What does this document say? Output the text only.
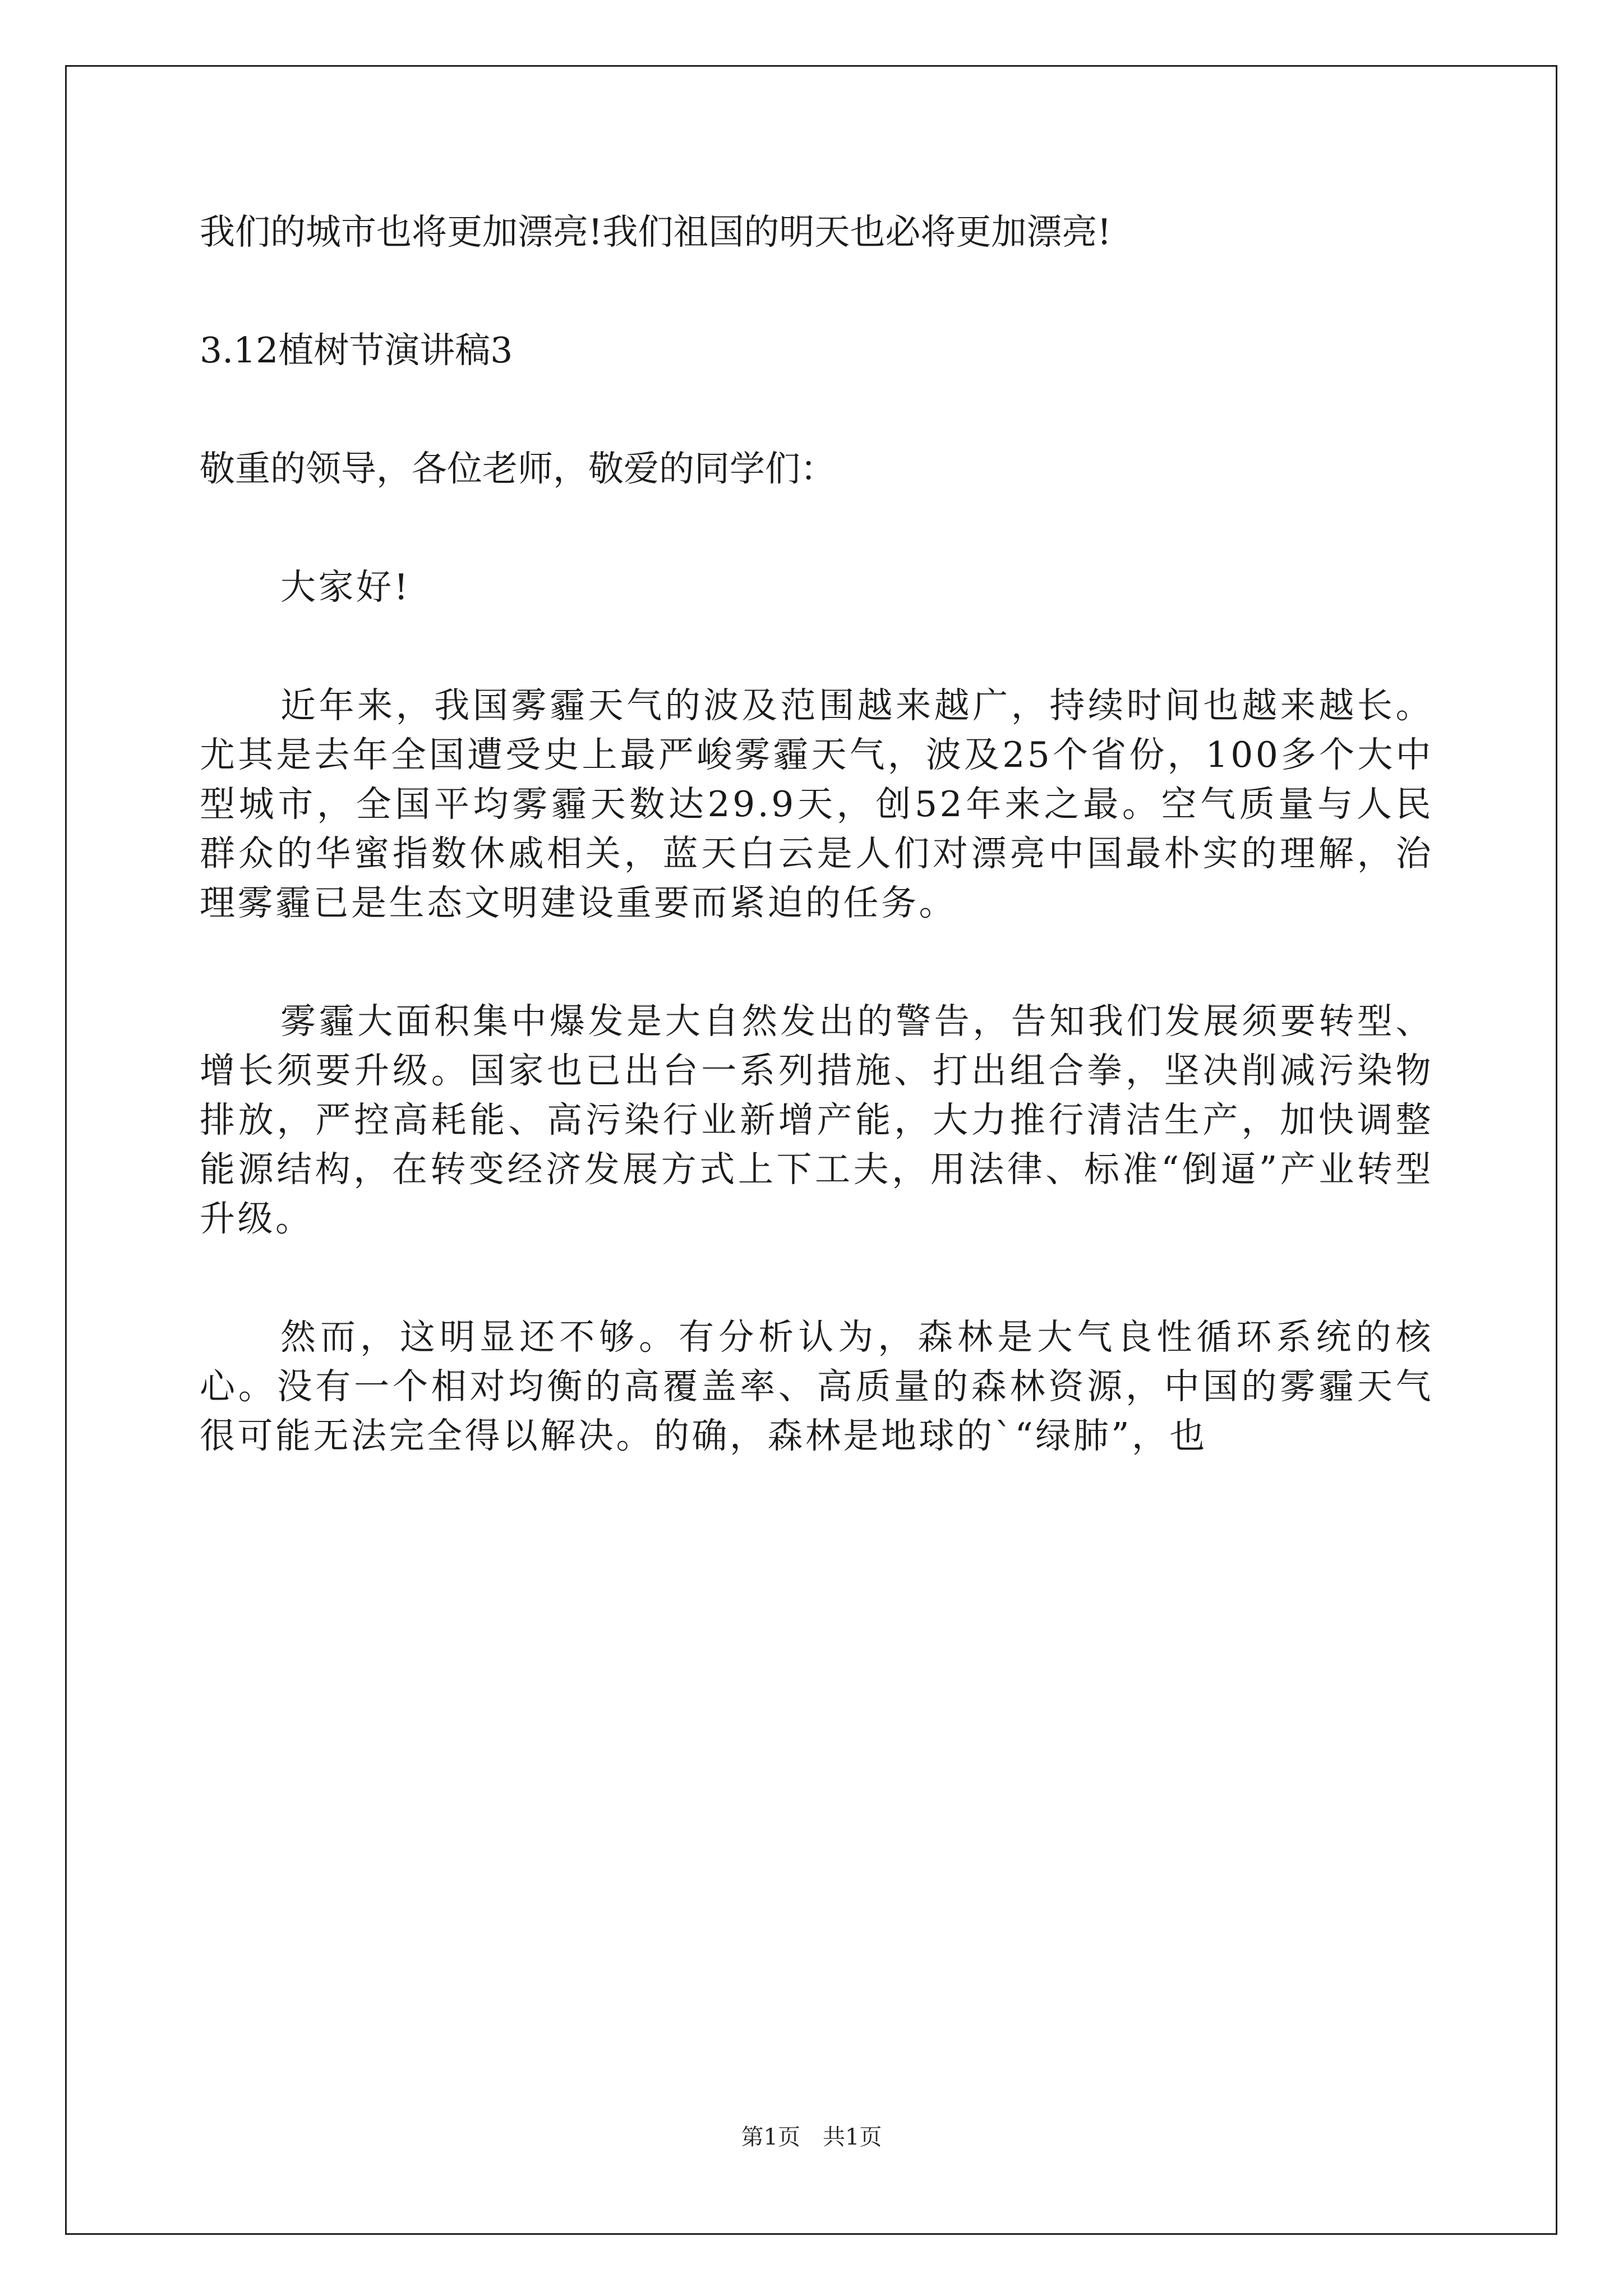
我们的城市也将更加漂亮!我们祖国的明天也必将更加漂亮!

3.12植树节演讲稿3

敬重的领导，各位老师，敬爱的同学们：

大家好!

近年来，我国雾霾天气的波及范围越来越广，持续时间也越来越长。尤其是去年全国遭受史上最严峻雾霾天气，波及25个省份，100多个大中型城市，全国平均雾霾天数达29.9天，创52年来之最。空气质量与人民群众的华蜜指数休戚相关，蓝天白云是人们对漂亮中国最朴实的理解，治理雾霾已是生态文明建设重要而紧迫的任务。

雾霾大面积集中爆发是大自然发出的警告，告知我们发展须要转型、增长须要升级。国家也已出台一系列措施、打出组合拳，坚决削减污染物排放，严控高耗能、高污染行业新增产能，大力推行清洁生产，加快调整能源结构，在转变经济发展方式上下工夫，用法律、标准“倒逼”产业转型升级。

然而，这明显还不够。有分析认为，森林是大气良性循环系统的核心。没有一个相对均衡的高覆盖率、高质量的森林资源，中国的雾霾天气很可能无法完全得以解决。的确，森林是地球的`“绿肺”，也

第1页　共1页
